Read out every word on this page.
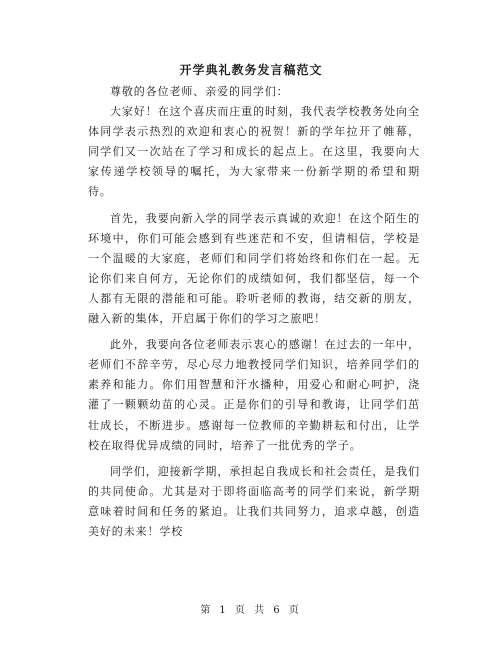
开学典礼教务发言稿范文

尊敬的各位老师、亲爱的同学们：

大家好！在这个喜庆而庄重的时刻，我代表学校教务处向全体同学表示热烈的欢迎和衷心的祝贺！新的学年拉开了帷幕，同学们又一次站在了学习和成长的起点上。在这里，我要向大家传递学校领导的嘱托，为大家带来一份新学期的希望和期待。

首先，我要向新入学的同学表示真诚的欢迎！在这个陌生的环境中，你们可能会感到有些迷茫和不安，但请相信，学校是一个温暖的大家庭，老师们和同学们将始终和你们在一起。无论你们来自何方，无论你们的成绩如何，我们都坚信，每一个人都有无限的潜能和可能。聆听老师的教诲，结交新的朋友，融入新的集体，开启属于你们的学习之旅吧！

此外，我要向各位老师表示衷心的感谢！在过去的一年中，老师们不辞辛劳，尽心尽力地教授同学们知识，培养同学们的素养和能力。你们用智慧和汗水播种，用爱心和耐心呵护，浇灌了一颗颗幼苗的心灵。正是你们的引导和教诲，让同学们茁壮成长，不断进步。感谢每一位教师的辛勤耕耘和付出，让学校在取得优异成绩的同时，培养了一批优秀的学子。

同学们，迎接新学期，承担起自我成长和社会责任，是我们的共同使命。尤其是对于即将面临高考的同学们来说，新学期意味着时间和任务的紧迫。让我们共同努力，追求卓越，创造美好的未来！学校

第 1 页 共 6 页
